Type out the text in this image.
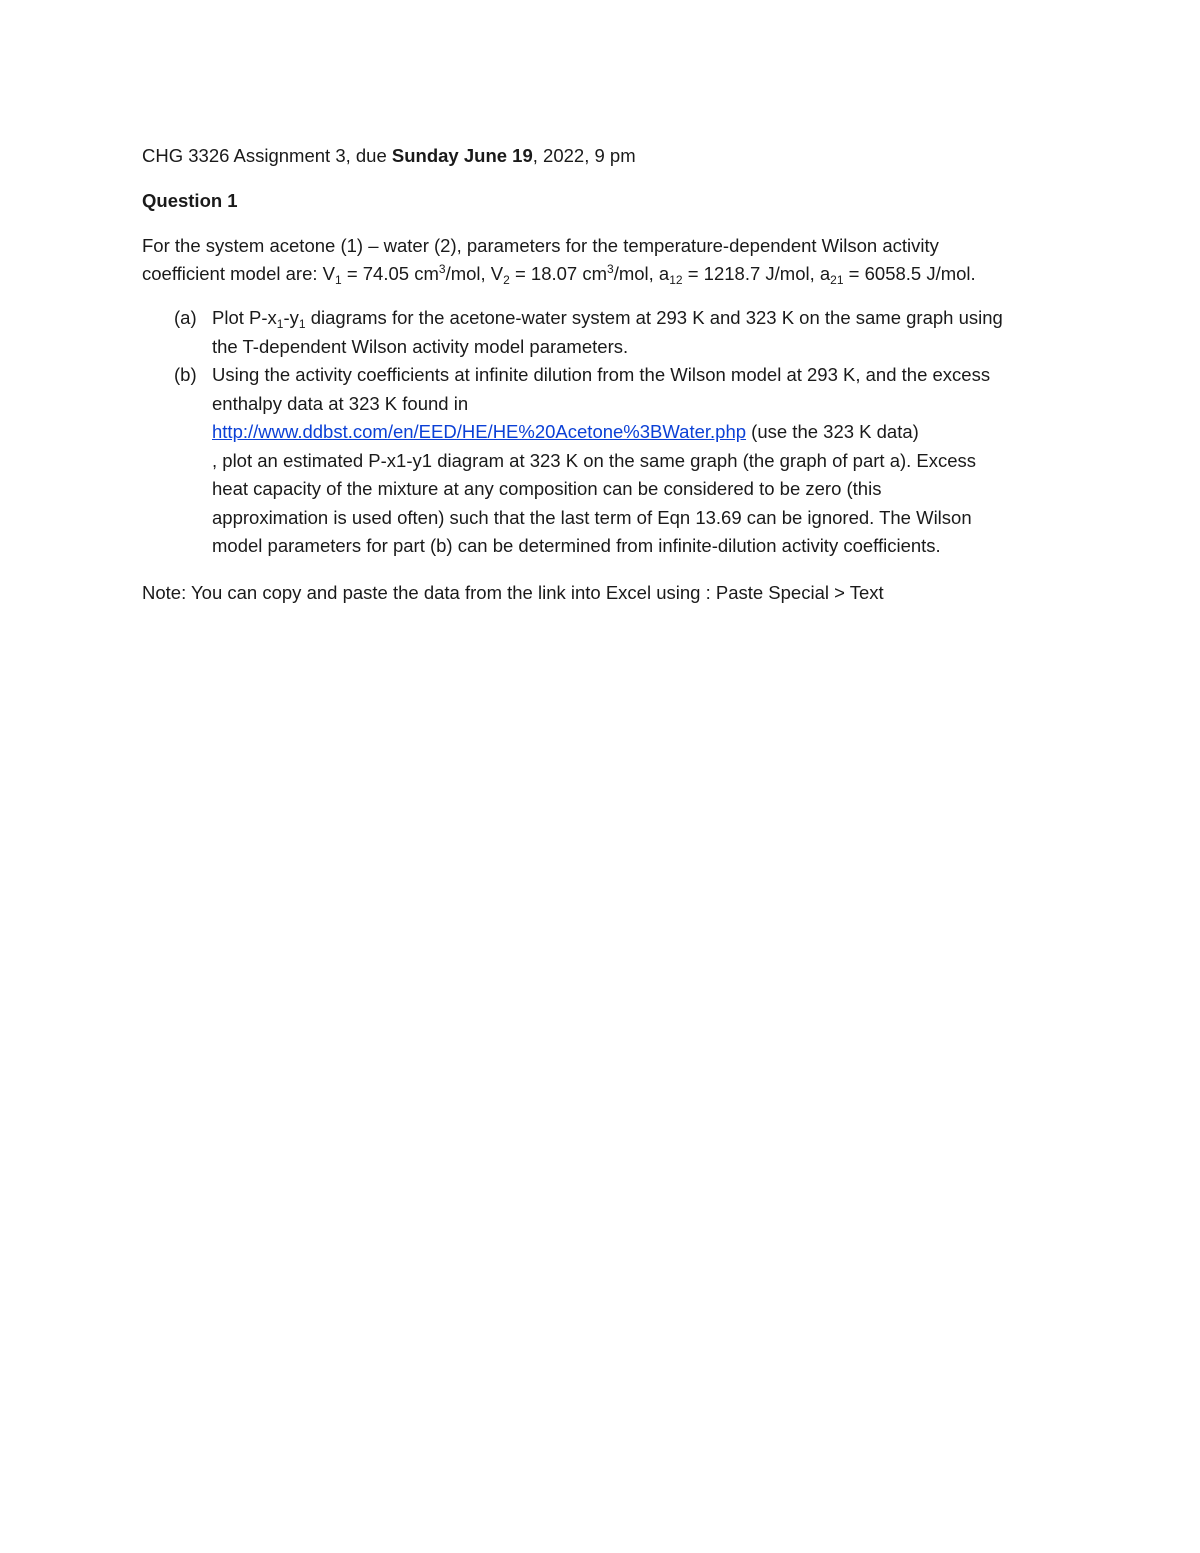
CHG 3326 Assignment 3, due Sunday June 19, 2022, 9 pm
Question 1
For the system acetone (1) – water (2), parameters for the temperature-dependent Wilson activity
coefficient model are: $V_1 = 74.05$ $cm^3$/mol, $V_2 = 18.07$ $cm^3$/mol, $a_{12} = 1218.7$ J/mol, $a_{21} = 6058.5$ J/mol.
(a) Plot $P-x_1-y_1$ diagrams for the acetone-water system at 293 K and 323 K on the same graph using
the T-dependent Wilson activity model parameters.
(b) Using the activity coefficients at infinite dilution from the Wilson model at 293 K, and the excess
enthalpy data at 323 K found in
http://www.ddbst.com/en/EED/HE/HE%20Acetone%3BWater.php (use the 323 K data)
, plot an estimated P-x1-y1 diagram at 323 K on the same graph (the graph of part a). Excess
heat capacity of the mixture at any composition can be considered to be zero (this
approximation is used often) such that the last term of Eqn 13.69 can be ignored. The Wilson
model parameters for part (b) can be determined from infinite-dilution activity coefficients.
Note: You can copy and paste the data from the link into Excel using : Paste Special > Text
